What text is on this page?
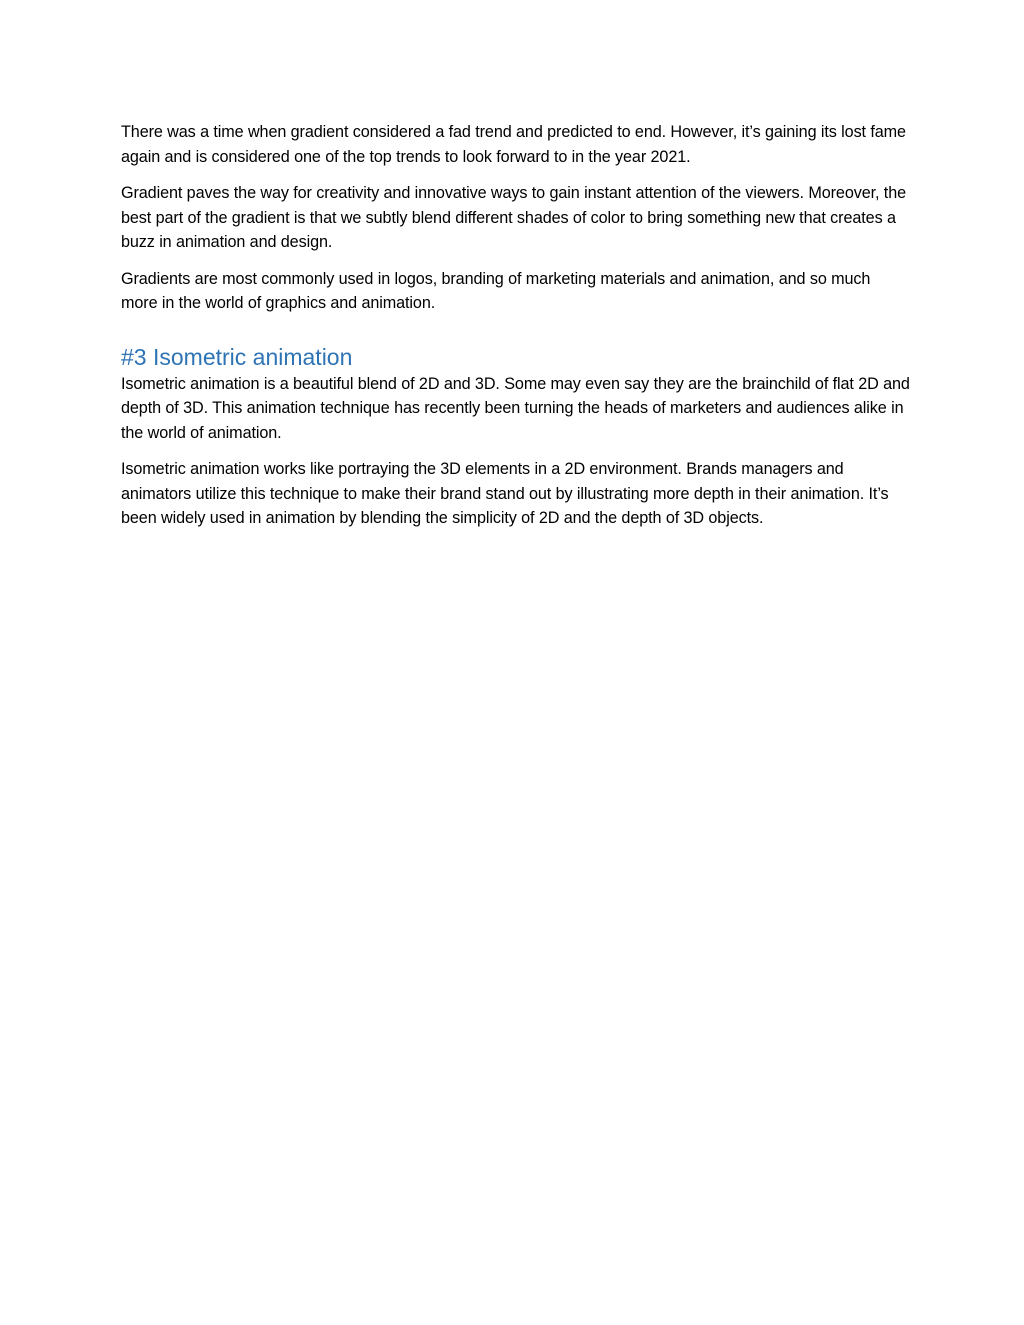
There was a time when gradient considered a fad trend and predicted to end. However, it’s gaining its lost fame again and is considered one of the top trends to look forward to in the year 2021.

Gradient paves the way for creativity and innovative ways to gain instant attention of the viewers. Moreover, the best part of the gradient is that we subtly blend different shades of color to bring something new that creates a buzz in animation and design.

Gradients are most commonly used in logos, branding of marketing materials and animation, and so much more in the world of graphics and animation.

#3 Isometric animation

Isometric animation is a beautiful blend of 2D and 3D. Some may even say they are the brainchild of flat 2D and depth of 3D. This animation technique has recently been turning the heads of marketers and audiences alike in the world of animation.

Isometric animation works like portraying the 3D elements in a 2D environment. Brands managers and animators utilize this technique to make their brand stand out by illustrating more depth in their animation. It’s been widely used in animation by blending the simplicity of 2D and the depth of 3D objects.
